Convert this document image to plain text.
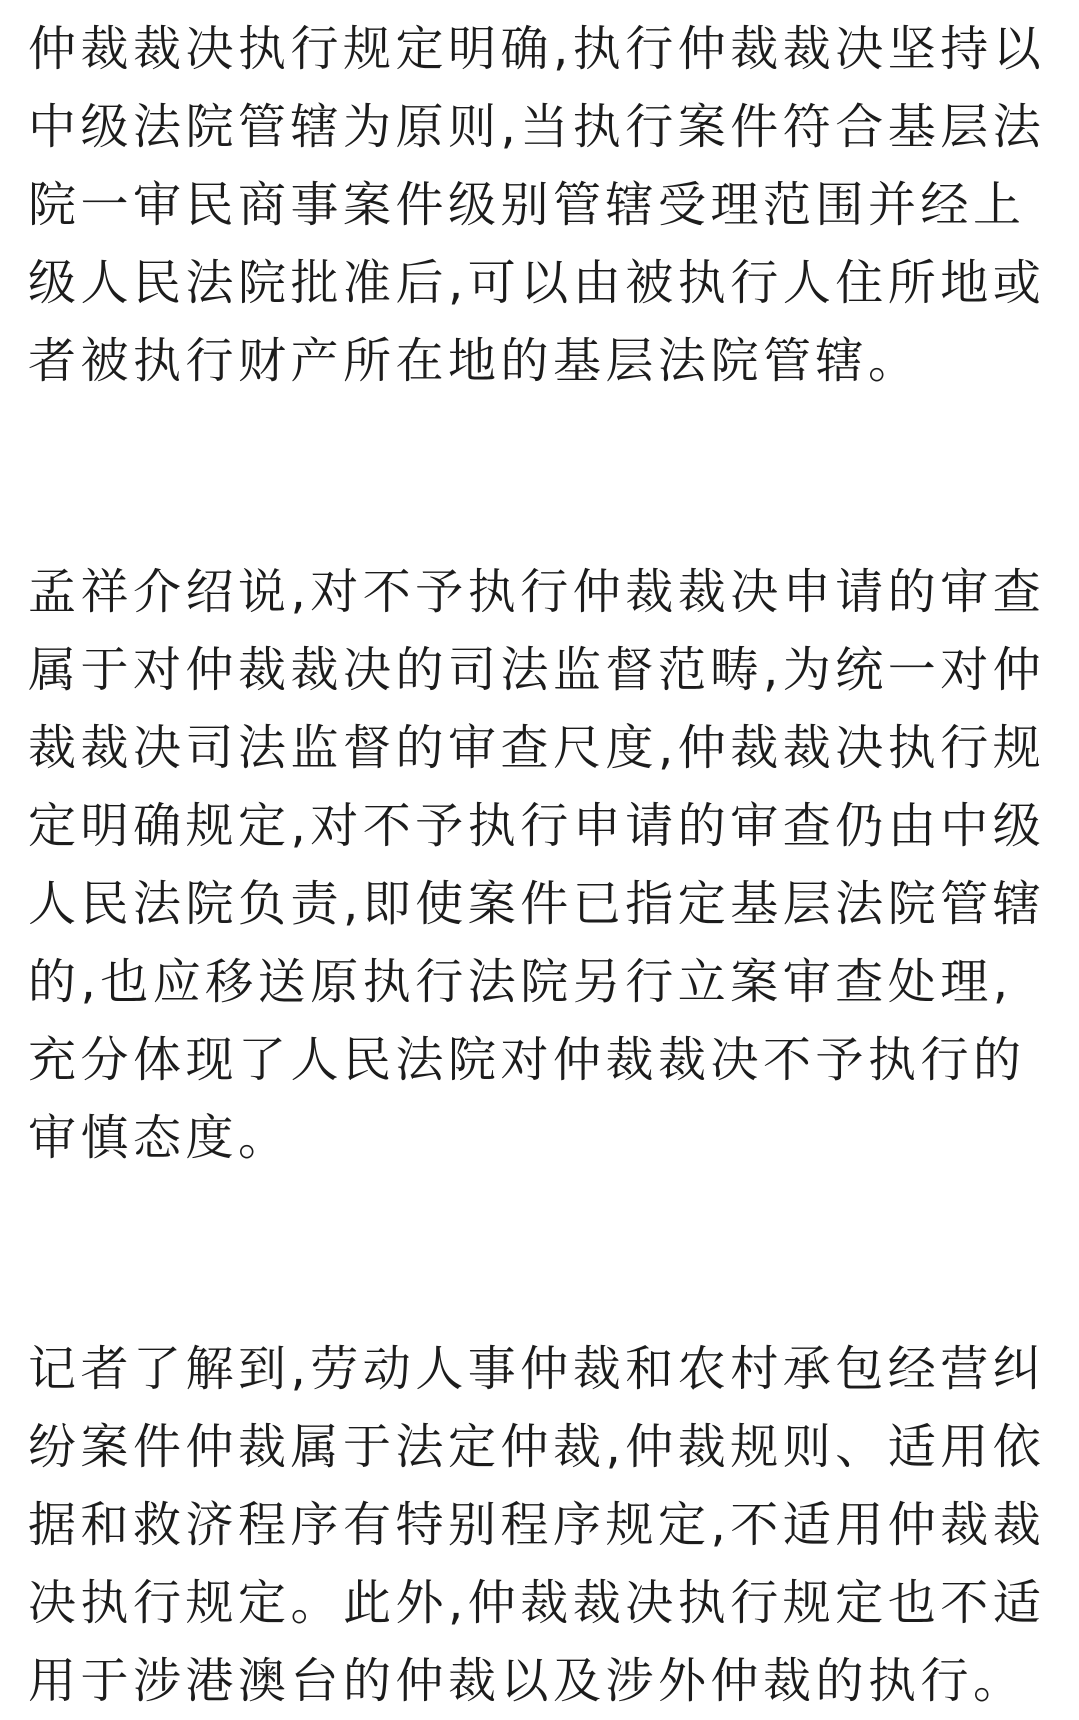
仲裁裁决执行规定明确,执行仲裁裁决坚持以
中级法院管辖为原则,当执行案件符合基层法
院一审民商事案件级别管辖受理范围并经上
级人民法院批准后,可以由被执行人住所地或
者被执行财产所在地的基层法院管辖。
孟祥介绍说,对不予执行仲裁裁决申请的审查
属于对仲裁裁决的司法监督范畴,为统一对仲
裁裁决司法监督的审查尺度,仲裁裁决执行规
定明确规定,对不予执行申请的审查仍由中级
人民法院负责,即使案件已指定基层法院管辖
的,也应移送原执行法院另行立案审查处理,
充分体现了人民法院对仲裁裁决不予执行的
审慎态度。
记者了解到,劳动人事仲裁和农村承包经营纠
纷案件仲裁属于法定仲裁,仲裁规则、适用依
据和救济程序有特别程序规定,不适用仲裁裁
决执行规定。此外,仲裁裁决执行规定也不适
用于涉港澳台的仲裁以及涉外仲裁的执行。
